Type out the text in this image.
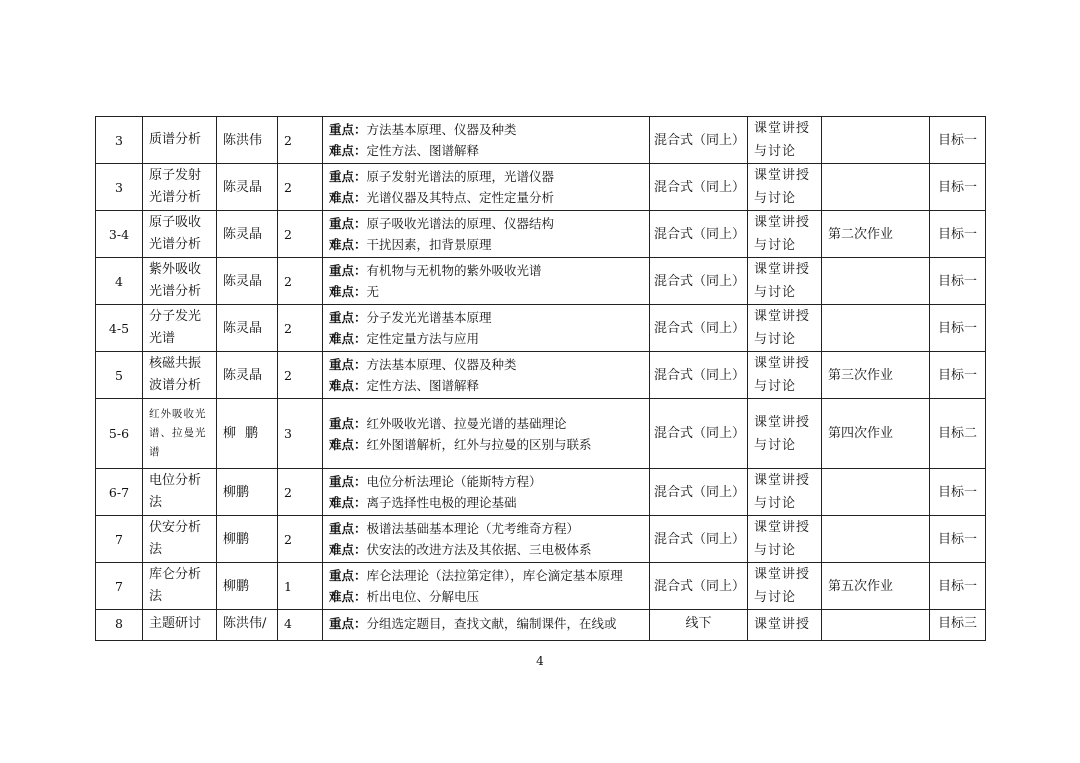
3	质谱分析	陈洪伟	2	重点：方法基本原理、仪器及种类
难点：定性方法、图谱解释	混合式（同上）	课堂讲授与讨论		目标一
3	原子发射光谱分析	陈灵晶	2	重点：原子发射光谱法的原理，光谱仪器
难点：光谱仪器及其特点、定性定量分析	混合式（同上）	课堂讲授与讨论		目标一
3-4	原子吸收光谱分析	陈灵晶	2	重点：原子吸收光谱法的原理、仪器结构
难点：干扰因素，扣背景原理	混合式（同上）	课堂讲授与讨论	第二次作业	目标一
4	紫外吸收光谱分析	陈灵晶	2	重点：有机物与无机物的紫外吸收光谱
难点：无	混合式（同上）	课堂讲授与讨论		目标一
4-5	分子发光光谱	陈灵晶	2	重点：分子发光光谱基本原理
难点：定性定量方法与应用	混合式（同上）	课堂讲授与讨论		目标一
5	核磁共振波谱分析	陈灵晶	2	重点：方法基本原理、仪器及种类
难点：定性方法、图谱解释	混合式（同上）	课堂讲授与讨论	第三次作业	目标一
5-6	红外吸收光谱、拉曼光谱	柳鹏	3	重点：红外吸收光谱、拉曼光谱的基础理论
难点：红外图谱解析，红外与拉曼的区别与联系	混合式（同上）	课堂讲授与讨论	第四次作业	目标二
6-7	电位分析法	柳鹏	2	重点：电位分析法理论（能斯特方程）
难点：离子选择性电极的理论基础	混合式（同上）	课堂讲授与讨论		目标一
7	伏安分析法	柳鹏	2	重点：极谱法基础基本理论（尤考维奇方程）
难点：伏安法的改进方法及其依据、三电极体系	混合式（同上）	课堂讲授与讨论		目标一
7	库仑分析法	柳鹏	1	重点：库仑法理论（法拉第定律），库仑滴定基本原理
难点：析出电位、分解电压	混合式（同上）	课堂讲授与讨论	第五次作业	目标一
8	主题研讨	陈洪伟/	4	重点：分组选定题目，查找文献，编制课件，在线或	线下	课堂讲授		目标三
4
